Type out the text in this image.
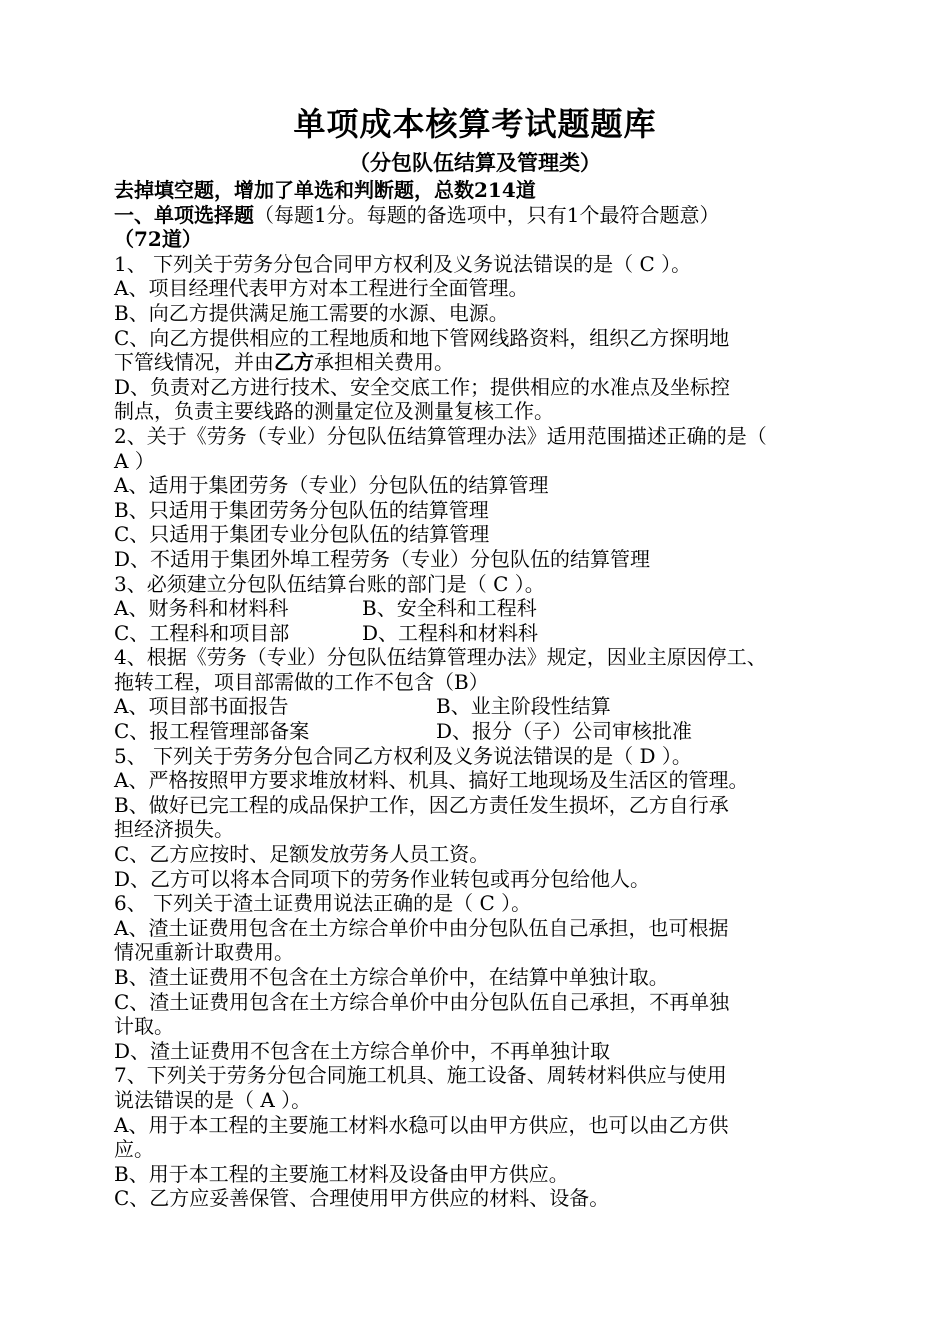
单项成本核算考试题题库
（分包队伍结算及管理类）
去掉填空题，增加了单选和判断题，总数214道
一、单项选择题（每题1分。每题的备选项中，只有1个最符合题意）
（72道）
1、 下列关于劳务分包合同甲方权利及义务说法错误的是（ C ）。
A、项目经理代表甲方对本工程进行全面管理。
B、向乙方提供满足施工需要的水源、电源。
C、向乙方提供相应的工程地质和地下管网线路资料，组织乙方探明地
下管线情况，并由乙方承担相关费用。
D、负责对乙方进行技术、安全交底工作；提供相应的水准点及坐标控
制点，负责主要线路的测量定位及测量复核工作。
2、关于《劳务（专业）分包队伍结算管理办法》适用范围描述正确的是（
A ）
A、适用于集团劳务（专业）分包队伍的结算管理
B、只适用于集团劳务分包队伍的结算管理
C、只适用于集团专业分包队伍的结算管理
D、不适用于集团外埠工程劳务（专业）分包队伍的结算管理
3、必须建立分包队伍结算台账的部门是（ C ）。
A、财务科和材料科	B、安全科和工程科
C、工程科和项目部	D、工程科和材料科
4、根据《劳务（专业）分包队伍结算管理办法》规定，因业主原因停工、
拖转工程，项目部需做的工作不包含（B）
A、项目部书面报告	B、业主阶段性结算
C、报工程管理部备案	D、报分（子）公司审核批准
5、 下列关于劳务分包合同乙方权利及义务说法错误的是（ D ）。
A、严格按照甲方要求堆放材料、机具、搞好工地现场及生活区的管理。
B、做好已完工程的成品保护工作，因乙方责任发生损坏，乙方自行承
担经济损失。
C、乙方应按时、足额发放劳务人员工资。
D、乙方可以将本合同项下的劳务作业转包或再分包给他人。
6、 下列关于渣土证费用说法正确的是（ C ）。
A、渣土证费用包含在土方综合单价中由分包队伍自己承担，也可根据
情况重新计取费用。
B、渣土证费用不包含在土方综合单价中，在结算中单独计取。
C、渣土证费用包含在土方综合单价中由分包队伍自己承担，不再单独
计取。
D、渣土证费用不包含在土方综合单价中，不再单独计取
7、下列关于劳务分包合同施工机具、施工设备、周转材料供应与使用
说法错误的是（ A ）。
A、用于本工程的主要施工材料水稳可以由甲方供应，也可以由乙方供
应。
B、用于本工程的主要施工材料及设备由甲方供应。
C、乙方应妥善保管、合理使用甲方供应的材料、设备。
